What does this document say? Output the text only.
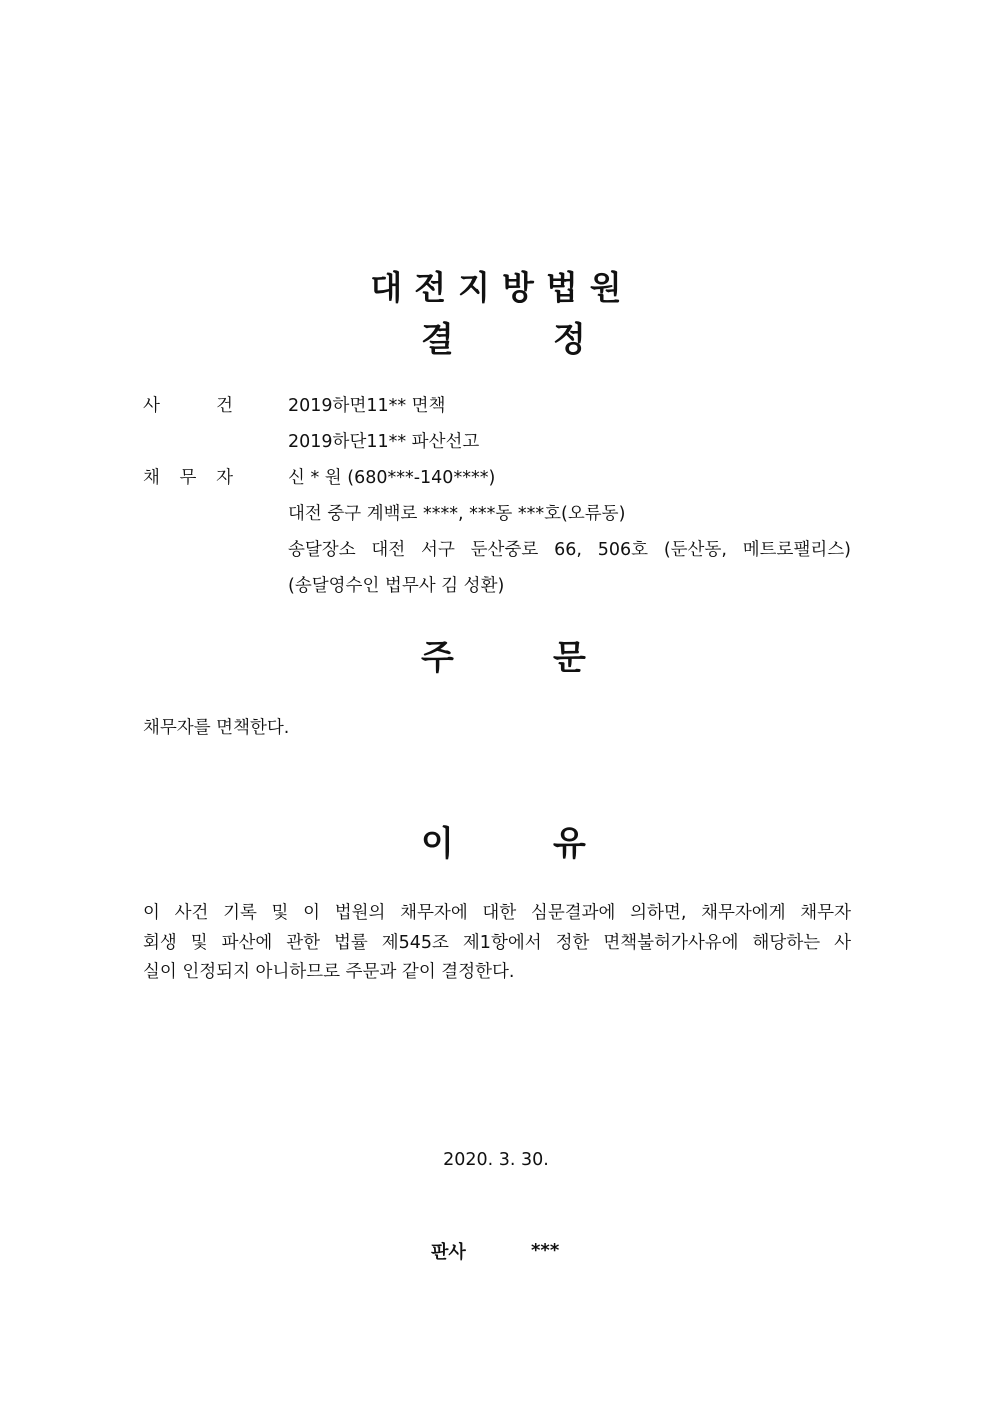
대전지방법원
결	정
사	건	2019하면11** 면책
2019하단11** 파산선고
채 무 자	신 * 원 (680***-140****)
대전 중구 계백로 ****, ***동 ***호(오류동)
송달장소 대전 서구 둔산중로 66, 506호 (둔산동, 메트로팰리스)
(송달영수인 법무사 김 성환)
주	문
채무자를 면책한다.
이	유
이 사건 기록 및 이 법원의 채무자에 대한 심문결과에 의하면, 채무자에게 채무자
회생 및 파산에 관한 법률 제545조 제1항에서 정한 면책불허가사유에 해당하는 사
실이 인정되지 아니하므로 주문과 같이 결정한다.
2020. 3. 30.
판사	***
